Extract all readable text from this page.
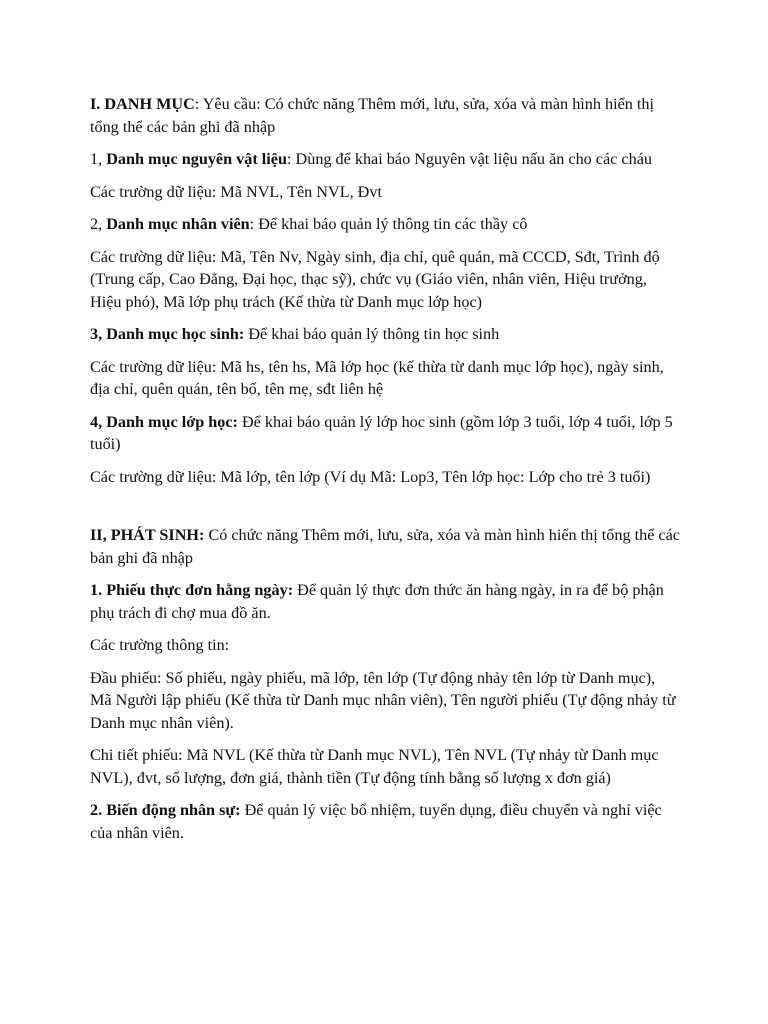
I. DANH MỤC: Yêu cầu: Có chức năng Thêm mới, lưu, sửa, xóa và màn hình hiển thị tổng thể các bản ghi đã nhập

1, Danh mục nguyên vật liệu: Dùng để khai báo Nguyên vật liệu nấu ăn cho các cháu

Các trường dữ liệu: Mã NVL, Tên NVL, Đvt

2, Danh mục nhân viên: Để khai báo quản lý thông tin các thầy cô

Các trường dữ liệu: Mã, Tên Nv, Ngày sinh, địa chỉ, quê quán, mã CCCD, Sđt, Trình độ (Trung cấp, Cao Đẳng, Đại học, thạc sỹ), chức vụ (Giáo viên, nhân viên, Hiệu trưởng, Hiệu phó), Mã lớp phụ trách (Kế thừa từ Danh mục lớp học)

3, Danh mục học sinh: Để khai báo quản lý thông tin học sinh

Các trường dữ liệu: Mã hs, tên hs, Mã lớp học (kế thừa từ danh mục lớp học), ngày sinh, địa chỉ, quên quán, tên bố, tên mẹ, sđt liên hệ

4, Danh mục lớp học: Để khai báo quản lý lớp hoc sinh (gồm lớp 3 tuổi, lớp 4 tuổi, lớp 5 tuổi)

Các trường dữ liệu: Mã lớp, tên lớp (Ví dụ Mã: Lop3, Tên lớp học: Lớp cho trẻ 3 tuổi)

II, PHÁT SINH: Có chức năng Thêm mới, lưu, sửa, xóa và màn hình hiển thị tổng thể các bản ghi đã nhập

1. Phiếu thực đơn hằng ngày: Để quản lý thực đơn thức ăn hàng ngày, in ra để bộ phận phụ trách đi chợ mua đồ ăn.

Các trường thông tin:

Đầu phiếu: Số phiếu, ngày phiếu, mã lớp, tên lớp (Tự động nhảy tên lớp từ Danh mục), Mã Người lập phiếu (Kế thừa từ Danh mục nhân viên), Tên người phiếu (Tự động nhảy từ Danh mục nhân viên).

Chi tiết phiếu: Mã NVL (Kế thừa từ Danh mục NVL), Tên NVL (Tự nhảy từ Danh mục NVL), đvt, số lượng, đơn giá, thành tiền (Tự động tính bằng số lượng x đơn giá)

2. Biến động nhân sự: Để quản lý việc bổ nhiệm, tuyển dụng, điều chuyển và nghỉ việc của nhân viên.
